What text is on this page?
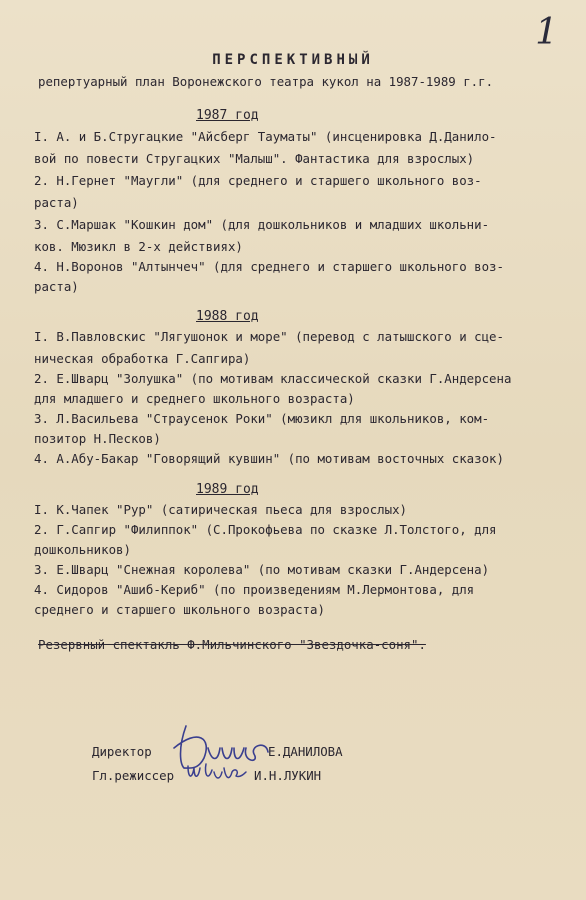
1
ПЕРСПЕКТИВНЫЙ
репертуарный план Воронежского театра кукол на 1987-1989 г.г.
1987 год
I. А. и Б.Стругацкие "Айсберг Тауматы" (инсценировка Д.Данило-
вой по повести Стругацких "Малыш". Фантастика для взрослых)
2. Н.Гернет "Маугли" (для среднего и старшего школьного воз-
раста)
3. С.Маршак "Кошкин дом" (для дошкольников и младших школьни-
ков. Мюзикл в 2-х действиях)
4. Н.Воронов "Алтынчеч" (для среднего и старшего школьного воз-
раста)
1988 год
I. В.Павловскис "Лягушонок и море" (перевод с латышского и сце-
ническая обработка Г.Сапгира)
2. Е.Шварц "Золушка" (по мотивам классической сказки Г.Андерсена
для младшего и среднего школьного возраста)
3. Л.Васильева "Страусенок Роки" (мюзикл для школьников, ком-
позитор Н.Песков)
4. А.Абу-Бакар "Говорящий кувшин" (по мотивам восточных сказок)
1989 год
I. К.Чапек "Рур" (сатирическая пьеса для взрослых)
2. Г.Сапгир "Филиппок" (С.Прокофьева по сказке Л.Толстого, для
дошкольников)
3. Е.Шварц "Снежная королева" (по мотивам сказки Г.Андерсена)
4. Сидоров "Ашиб-Кериб" (по произведениям М.Лермонтова, для
среднего и старшего школьного возраста)
Резервный спектакль Ф.Мильчинского "Звездочка-соня".
Директор	Е.ДАНИЛОВА
Гл.режиссер	И.Н.ЛУКИН
